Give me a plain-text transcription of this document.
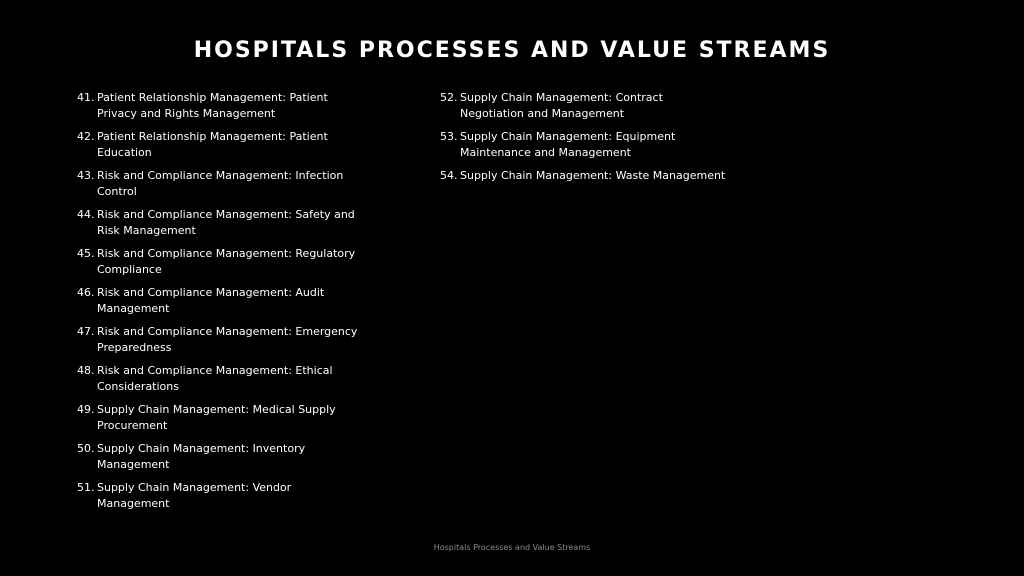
HOSPITALS PROCESSES AND VALUE STREAMS
41. Patient Relationship Management: Patient Privacy and Rights Management
42. Patient Relationship Management: Patient Education
43. Risk and Compliance Management: Infection Control
44. Risk and Compliance Management: Safety and Risk Management
45. Risk and Compliance Management: Regulatory Compliance
46. Risk and Compliance Management: Audit Management
47. Risk and Compliance Management: Emergency Preparedness
48. Risk and Compliance Management: Ethical Considerations
49. Supply Chain Management: Medical Supply Procurement
50. Supply Chain Management: Inventory Management
51. Supply Chain Management: Vendor Management
52. Supply Chain Management: Contract Negotiation and Management
53. Supply Chain Management: Equipment Maintenance and Management
54. Supply Chain Management: Waste Management
Hospitals Processes and Value Streams
